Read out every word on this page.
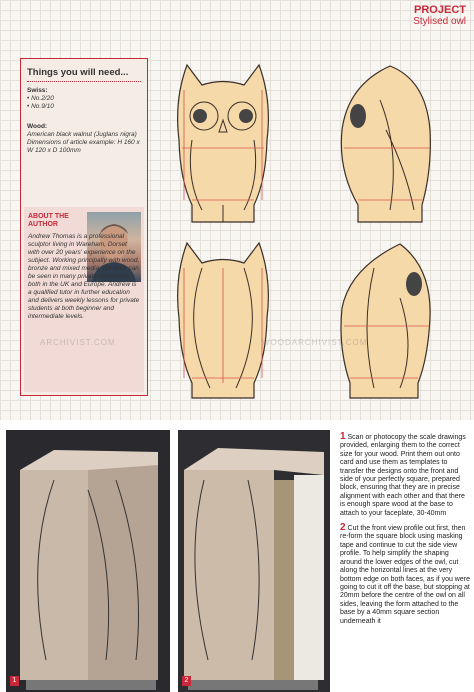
PROJECT
Stylised owl
Things you will need...
Swiss:
• No.2/20
• No.9/10
Wood:
American black walnut (Juglans nigra) Dimensions of article example: H 160 x W 120 x D 100mm
ABOUT THE AUTHOR
Andrew Thomas is a professional sculptor living in Wareham, Dorset with over 20 years' experience on the subject. Working principally with wood, bronze and mixed media, his work can be seen in many private collections, both in the UK and Europe. Andrew is a qualified tutor in further education and delivers weekly lessons for private students at both beginner and intermediate levels.
ARCHIVIST.COM	WOODARCHIVIST.COM
1	2

1 Scan or photocopy the scale drawings provided, enlarging them to the correct size for your wood. Print them out onto card and use them as templates to transfer the designs onto the front and side of your perfectly square, prepared block, ensuring that they are in precise alignment with each other and that there is enough spare wood at the base to attach to your faceplate, 30-40mm

2 Cut the front view profile out first, then re-form the square block using masking tape and continue to cut the side view profile. To help simplify the shaping around the lower edges of the owl, cut along the horizontal lines at the very bottom edge on both faces, as if you were going to cut it off the base, but stopping at 20mm before the centre of the owl on all sides, leaving the form attached to the base by a 40mm square section underneath it
